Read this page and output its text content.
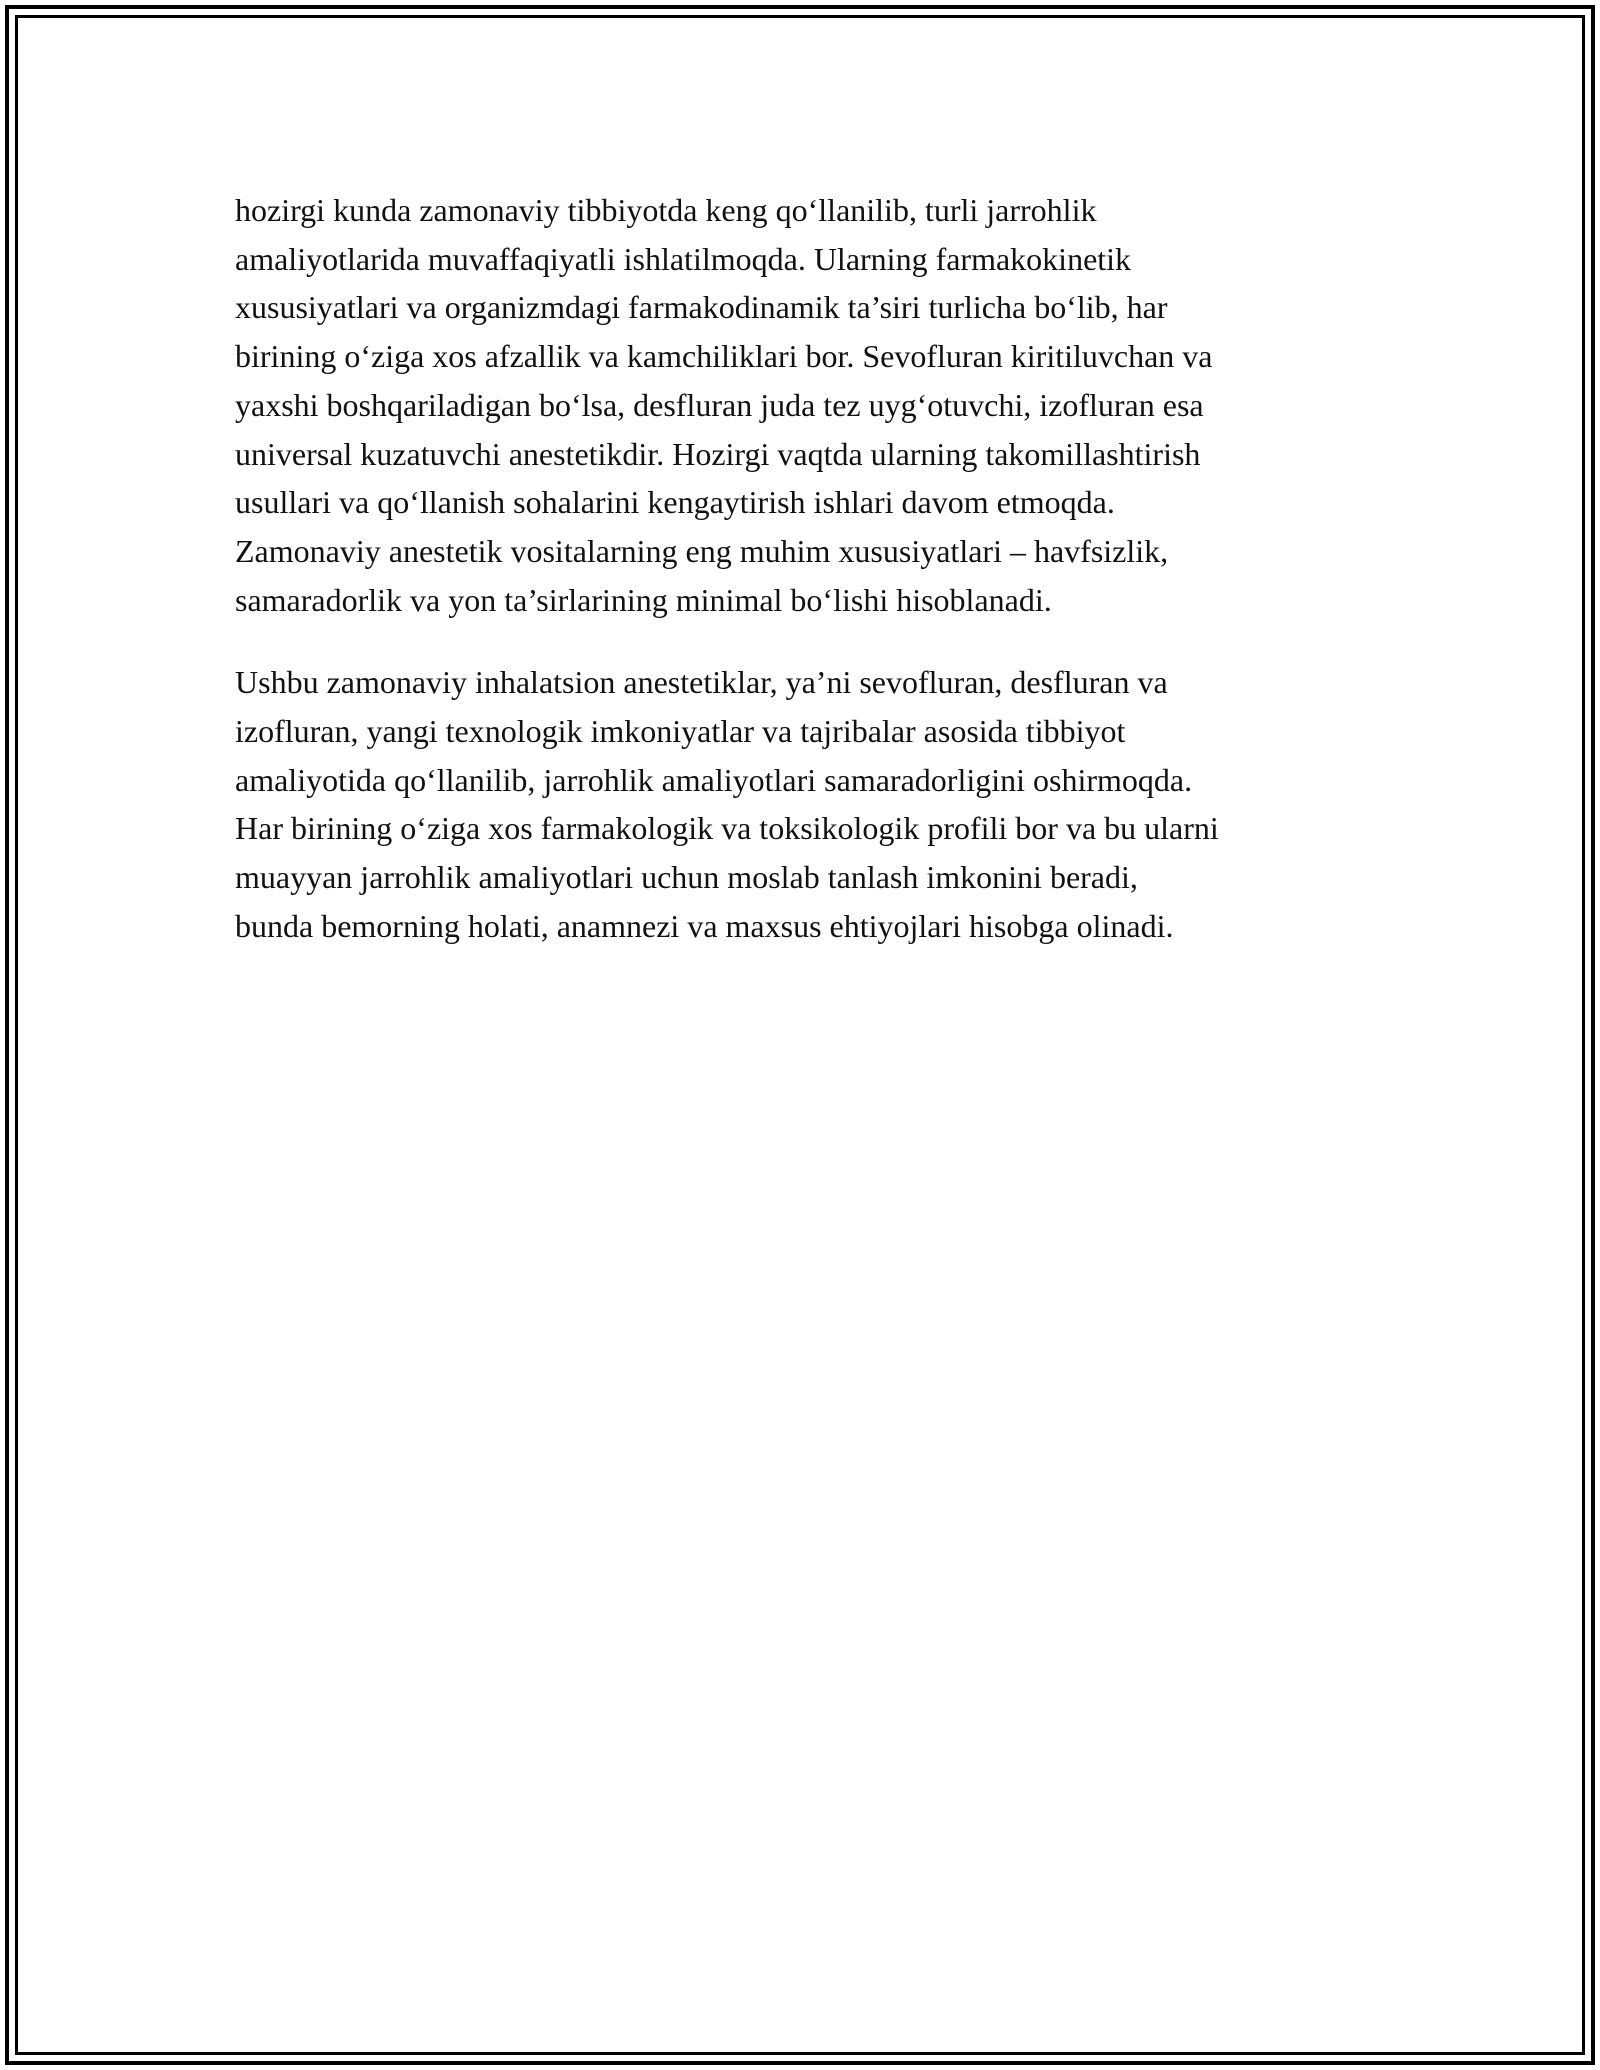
hozirgi kunda zamonaviy tibbiyotda keng qo‘llanilib, turli jarrohlik
amaliyotlarida muvaffaqiyatli ishlatilmoqda. Ularning farmakokinetik
xususiyatlari va organizmdagi farmakodinamik ta’siri turlicha bo‘lib, har
birining o‘ziga xos afzallik va kamchiliklari bor. Sevofluran kiritiluvchan va
yaxshi boshqariladigan bo‘lsa, desfluran juda tez uyg‘otuvchi, izofluran esa
universal kuzatuvchi anestetikdir. Hozirgi vaqtda ularning takomillashtirish
usullari va qo‘llanish sohalarini kengaytirish ishlari davom etmoqda.
Zamonaviy anestetik vositalarning eng muhim xususiyatlari – havfsizlik,
samaradorlik va yon ta’sirlarining minimal bo‘lishi hisoblanadi.

Ushbu zamonaviy inhalatsion anestetiklar, ya’ni sevofluran, desfluran va
izofluran, yangi texnologik imkoniyatlar va tajribalar asosida tibbiyot
amaliyotida qo‘llanilib, jarrohlik amaliyotlari samaradorligini oshirmoqda.
Har birining o‘ziga xos farmakologik va toksikologik profili bor va bu ularni
muayyan jarrohlik amaliyotlari uchun moslab tanlash imkonini beradi,
bunda bemorning holati, anamnezi va maxsus ehtiyojlari hisobga olinadi.
